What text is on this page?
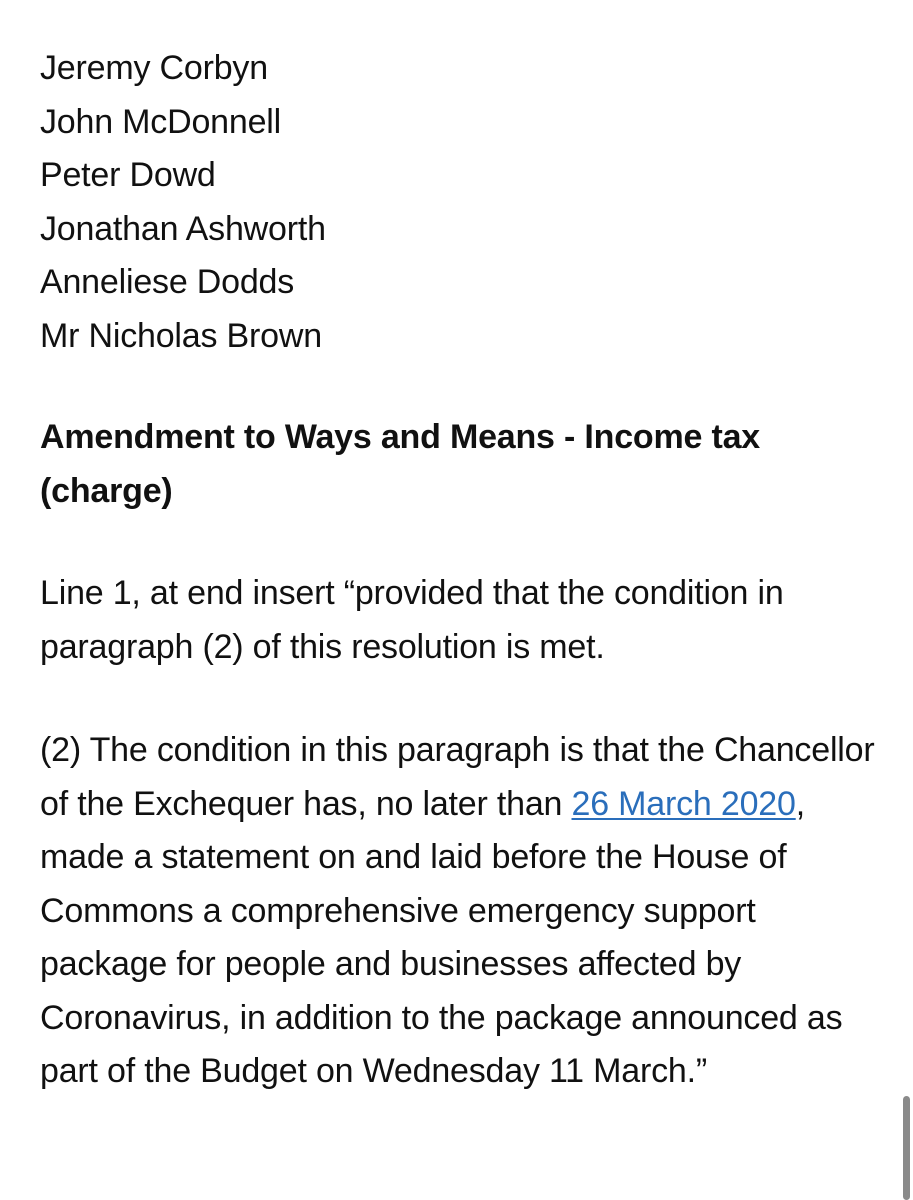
Jeremy Corbyn
John McDonnell
Peter Dowd
Jonathan Ashworth
Anneliese Dodds
Mr Nicholas Brown
Amendment to Ways and Means - Income tax (charge)

Line 1, at end insert “provided that the condition in paragraph (2) of this resolution is met.

(2) The condition in this paragraph is that the Chancellor of the Exchequer has, no later than 26 March 2020, made a statement on and laid before the House of Commons a comprehensive emergency support package for people and businesses affected by Coronavirus, in addition to the package announced as part of the Budget on Wednesday 11 March.”
